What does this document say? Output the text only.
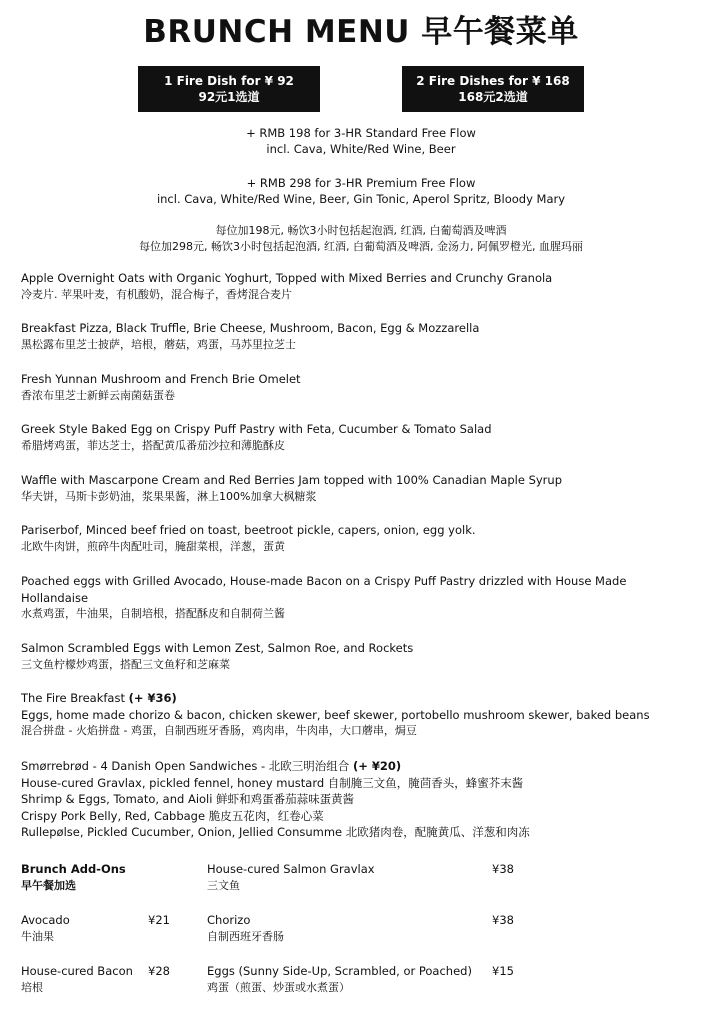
BRUNCH MENU 早午餐菜单
1 Fire Dish for ¥ 92
92元1选道
2 Fire Dishes for ¥ 168
168元2选道
+ RMB 198 for 3-HR Standard Free Flow
incl. Cava, White/Red Wine, Beer
+ RMB 298 for 3-HR Premium Free Flow
incl. Cava, White/Red Wine, Beer, Gin Tonic, Aperol Spritz, Bloody Mary
每位加198元, 畅饮3小时包括起泡酒, 红酒, 白葡萄酒及啤酒
每位加298元, 畅饮3小时包括起泡酒, 红酒, 白葡萄酒及啤酒, 金汤力, 阿佩罗橙光, 血腥玛丽
Apple Overnight Oats with Organic Yoghurt, Topped with Mixed Berries and Crunchy Granola
冷麦片. 苹果叶麦，有机酸奶，混合梅子，香烤混合麦片
Breakfast Pizza, Black Truffle, Brie Cheese, Mushroom, Bacon, Egg & Mozzarella
黑松露布里芝士披萨，培根，蘑菇，鸡蛋，马苏里拉芝士
Fresh Yunnan Mushroom and French Brie Omelet
香浓布里芝士新鲜云南菌菇蛋卷
Greek Style Baked Egg on Crispy Puff Pastry with Feta, Cucumber & Tomato Salad
希腊烤鸡蛋，菲达芝士，搭配黄瓜番茄沙拉和薄脆酥皮
Waffle with Mascarpone Cream and Red Berries Jam topped with 100% Canadian Maple Syrup
华夫饼，马斯卡彭奶油，浆果果酱，淋上100%加拿大枫糖浆
Pariserbof, Minced beef fried on toast, beetroot pickle, capers, onion, egg yolk.
北欧牛肉饼，煎碎牛肉配吐司，腌甜菜根，洋葱，蛋黄
Poached eggs with Grilled Avocado, House-made Bacon on a Crispy Puff Pastry drizzled with House Made
Hollandaise
水煮鸡蛋，牛油果，自制培根，搭配酥皮和自制荷兰酱
Salmon Scrambled Eggs with Lemon Zest, Salmon Roe, and Rockets
三文鱼柠檬炒鸡蛋，搭配三文鱼籽和芝麻菜
The Fire Breakfast (+ ¥36)
Eggs, home made chorizo & bacon, chicken skewer, beef skewer, portobello mushroom skewer, baked beans
混合拼盘 - 火焰拼盘 - 鸡蛋，自制西班牙香肠，鸡肉串，牛肉串，大口蘑串，焗豆
Smørrebrød - 4 Danish Open Sandwiches - 北欧三明治组合 (+ ¥20)
House-cured Gravlax, pickled fennel, honey mustard 自制腌三文鱼，腌茴香头，蜂蜜芥末酱
Shrimp & Eggs, Tomato, and Aioli 鲜虾和鸡蛋番茄蒜味蛋黄酱
Crispy Pork Belly, Red, Cabbage 脆皮五花肉，红卷心菜
Rullepølse, Pickled Cucumber, Onion, Jellied Consumme 北欧猪肉卷，配腌黄瓜、洋葱和肉冻
Brunch Add-Ons
早午餐加选
Avocado
牛油果
¥21
House-cured Bacon
培根
¥28
House-cured Salmon Gravlax
三文鱼
¥38
Chorizo
自制西班牙香肠
¥38
Eggs (Sunny Side-Up, Scrambled, or Poached)
鸡蛋（煎蛋、炒蛋或水煮蛋）
¥15
